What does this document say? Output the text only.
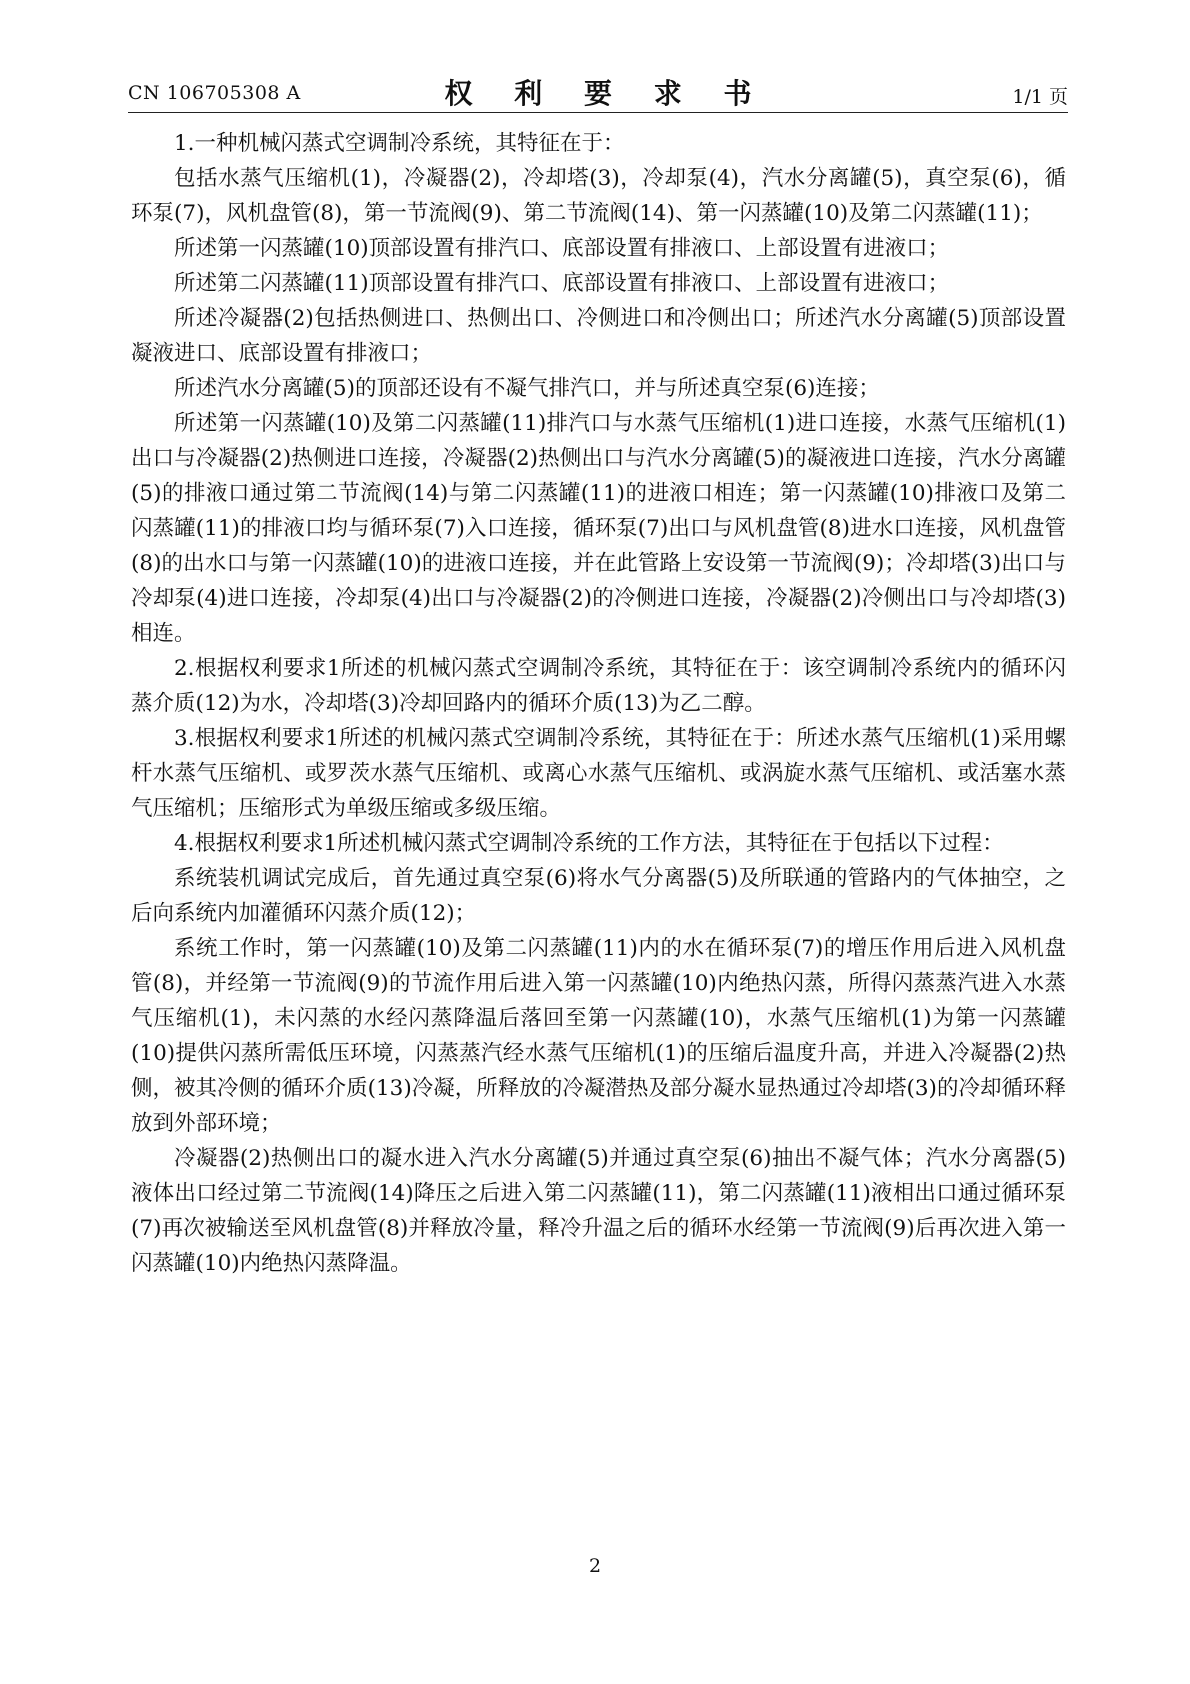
CN 106705308 A	权 利 要 求 书	1/1 页

1.一种机械闪蒸式空调制冷系统，其特征在于：

包括水蒸气压缩机(1)，冷凝器(2)，冷却塔(3)，冷却泵(4)，汽水分离罐(5)，真空泵(6)，循环泵(7)，风机盘管(8)，第一节流阀(9)、第二节流阀(14)、第一闪蒸罐(10)及第二闪蒸罐(11)；

所述第一闪蒸罐(10)顶部设置有排汽口、底部设置有排液口、上部设置有进液口；

所述第二闪蒸罐(11)顶部设置有排汽口、底部设置有排液口、上部设置有进液口；

所述冷凝器(2)包括热侧进口、热侧出口、冷侧进口和冷侧出口；所述汽水分离罐(5)顶部设置凝液进口、底部设置有排液口；

所述汽水分离罐(5)的顶部还设有不凝气排汽口，并与所述真空泵(6)连接；

所述第一闪蒸罐(10)及第二闪蒸罐(11)排汽口与水蒸气压缩机(1)进口连接，水蒸气压缩机(1)出口与冷凝器(2)热侧进口连接，冷凝器(2)热侧出口与汽水分离罐(5)的凝液进口连接，汽水分离罐(5)的排液口通过第二节流阀(14)与第二闪蒸罐(11)的进液口相连；第一闪蒸罐(10)排液口及第二闪蒸罐(11)的排液口均与循环泵(7)入口连接，循环泵(7)出口与风机盘管(8)进水口连接，风机盘管(8)的出水口与第一闪蒸罐(10)的进液口连接，并在此管路上安设第一节流阀(9)；冷却塔(3)出口与冷却泵(4)进口连接，冷却泵(4)出口与冷凝器(2)的冷侧进口连接，冷凝器(2)冷侧出口与冷却塔(3)相连。

2.根据权利要求1所述的机械闪蒸式空调制冷系统，其特征在于：该空调制冷系统内的循环闪蒸介质(12)为水，冷却塔(3)冷却回路内的循环介质(13)为乙二醇。

3.根据权利要求1所述的机械闪蒸式空调制冷系统，其特征在于：所述水蒸气压缩机(1)采用螺杆水蒸气压缩机、或罗茨水蒸气压缩机、或离心水蒸气压缩机、或涡旋水蒸气压缩机、或活塞水蒸气压缩机；压缩形式为单级压缩或多级压缩。

4.根据权利要求1所述机械闪蒸式空调制冷系统的工作方法，其特征在于包括以下过程：

系统装机调试完成后，首先通过真空泵(6)将水气分离器(5)及所联通的管路内的气体抽空，之后向系统内加灌循环闪蒸介质(12)；

系统工作时，第一闪蒸罐(10)及第二闪蒸罐(11)内的水在循环泵(7)的增压作用后进入风机盘管(8)，并经第一节流阀(9)的节流作用后进入第一闪蒸罐(10)内绝热闪蒸，所得闪蒸蒸汽进入水蒸气压缩机(1)，未闪蒸的水经闪蒸降温后落回至第一闪蒸罐(10)，水蒸气压缩机(1)为第一闪蒸罐(10)提供闪蒸所需低压环境，闪蒸蒸汽经水蒸气压缩机(1)的压缩后温度升高，并进入冷凝器(2)热侧，被其冷侧的循环介质(13)冷凝，所释放的冷凝潜热及部分凝水显热通过冷却塔(3)的冷却循环释放到外部环境；

冷凝器(2)热侧出口的凝水进入汽水分离罐(5)并通过真空泵(6)抽出不凝气体；汽水分离器(5)液体出口经过第二节流阀(14)降压之后进入第二闪蒸罐(11)，第二闪蒸罐(11)液相出口通过循环泵(7)再次被输送至风机盘管(8)并释放冷量，释冷升温之后的循环水经第一节流阀(9)后再次进入第一闪蒸罐(10)内绝热闪蒸降温。

2
